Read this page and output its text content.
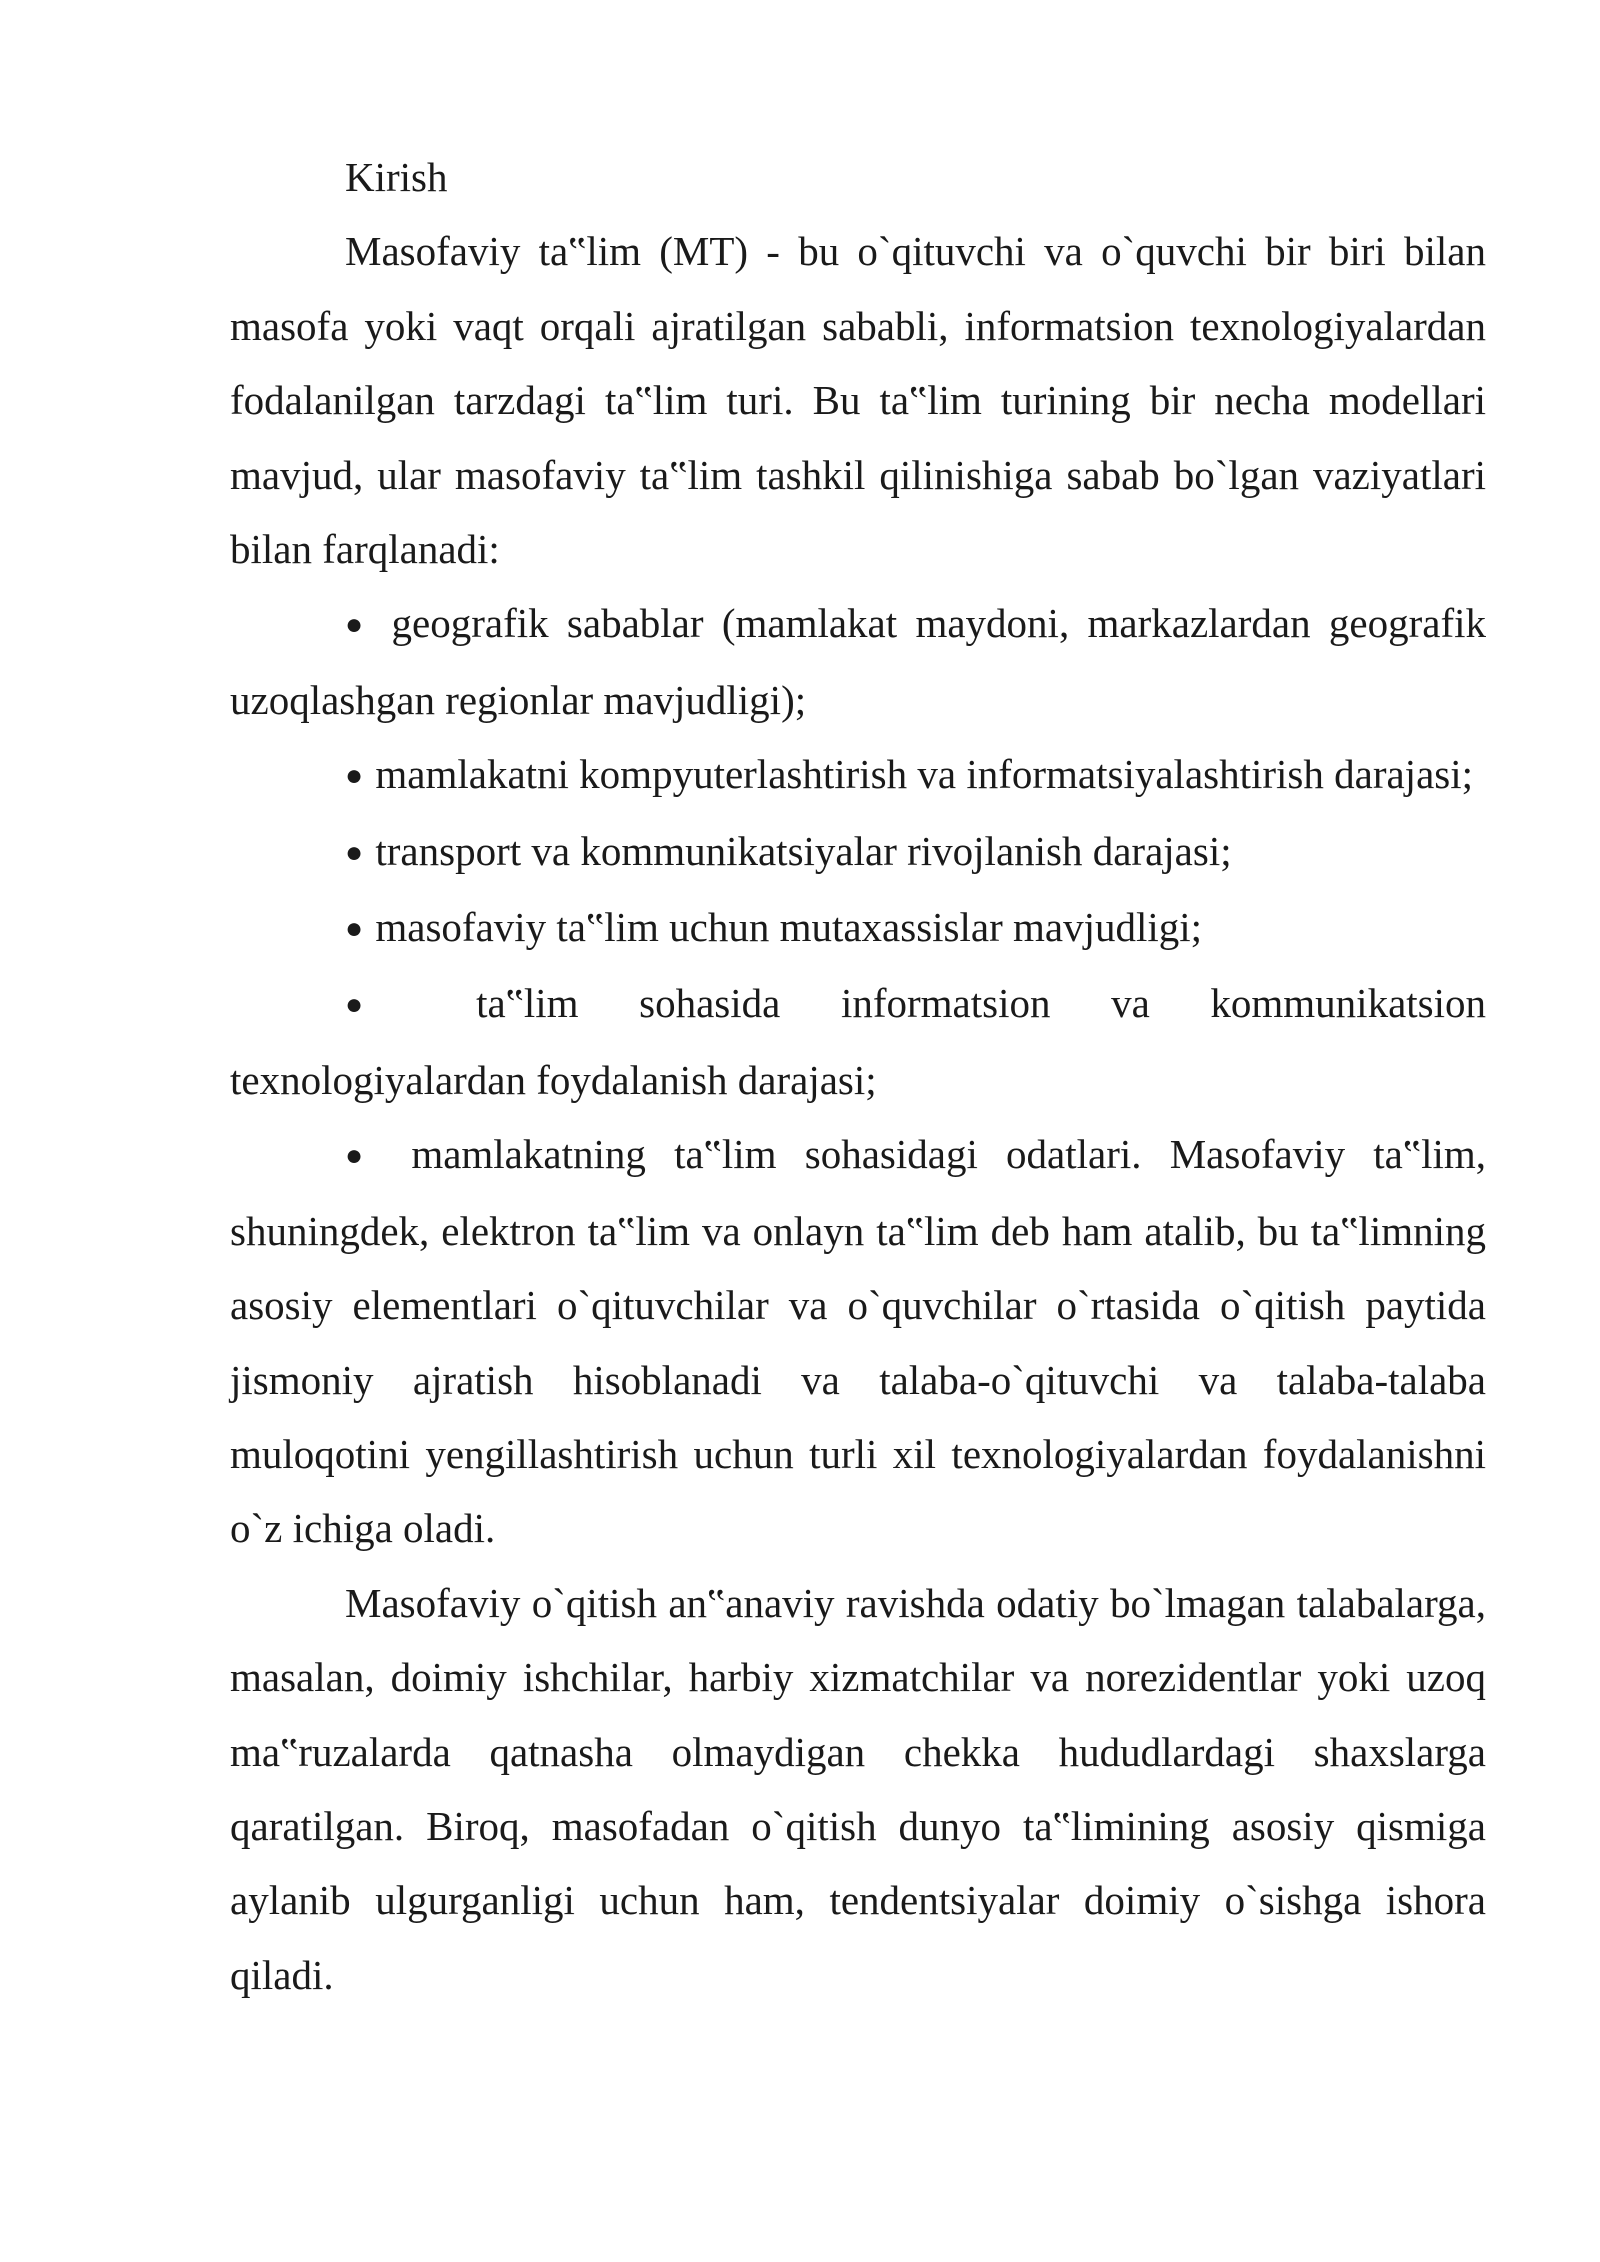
Kirish

Masofaviy ta‟lim (MT) - bu o`qituvchi va o`quvchi bir biri bilan masofa yoki vaqt orqali ajratilgan sababli, informatsion texnologiyalardan fodalanilgan tarzdagi ta‟lim turi. Bu ta‟lim turining bir necha modellari mavjud, ular masofaviy ta‟lim tashkil qilinishiga sabab bo`lgan vaziyatlari bilan farqlanadi:

● geografik sabablar (mamlakat maydoni, markazlardan geografik uzoqlashgan regionlar mavjudligi);

● mamlakatni kompyuterlashtirish va informatsiyalashtirish darajasi;

● transport va kommunikatsiyalar rivojlanish darajasi;

● masofaviy ta‟lim uchun mutaxassislar mavjudligi;

● ta‟lim sohasida informatsion va kommunikatsion texnologiyalardan foydalanish darajasi;

● mamlakatning ta‟lim sohasidagi odatlari. Masofaviy ta‟lim, shuningdek, elektron ta‟lim va onlayn ta‟lim deb ham atalib, bu ta‟limning asosiy elementlari o`qituvchilar va o`quvchilar o`rtasida o`qitish paytida jismoniy ajratish hisoblanadi va talaba-o`qituvchi va talaba-talaba muloqotini yengillashtirish uchun turli xil texnologiyalardan foydalanishni o`z ichiga oladi.

Masofaviy o`qitish an‟anaviy ravishda odatiy bo`lmagan talabalarga, masalan, doimiy ishchilar, harbiy xizmatchilar va norezidentlar yoki uzoq ma‟ruzalarda qatnasha olmaydigan chekka hududlardagi shaxslarga qaratilgan. Biroq, masofadan o`qitish dunyo ta‟limining asosiy qismiga aylanib ulgurganligi uchun ham, tendentsiyalar doimiy o`sishga ishora qiladi.
